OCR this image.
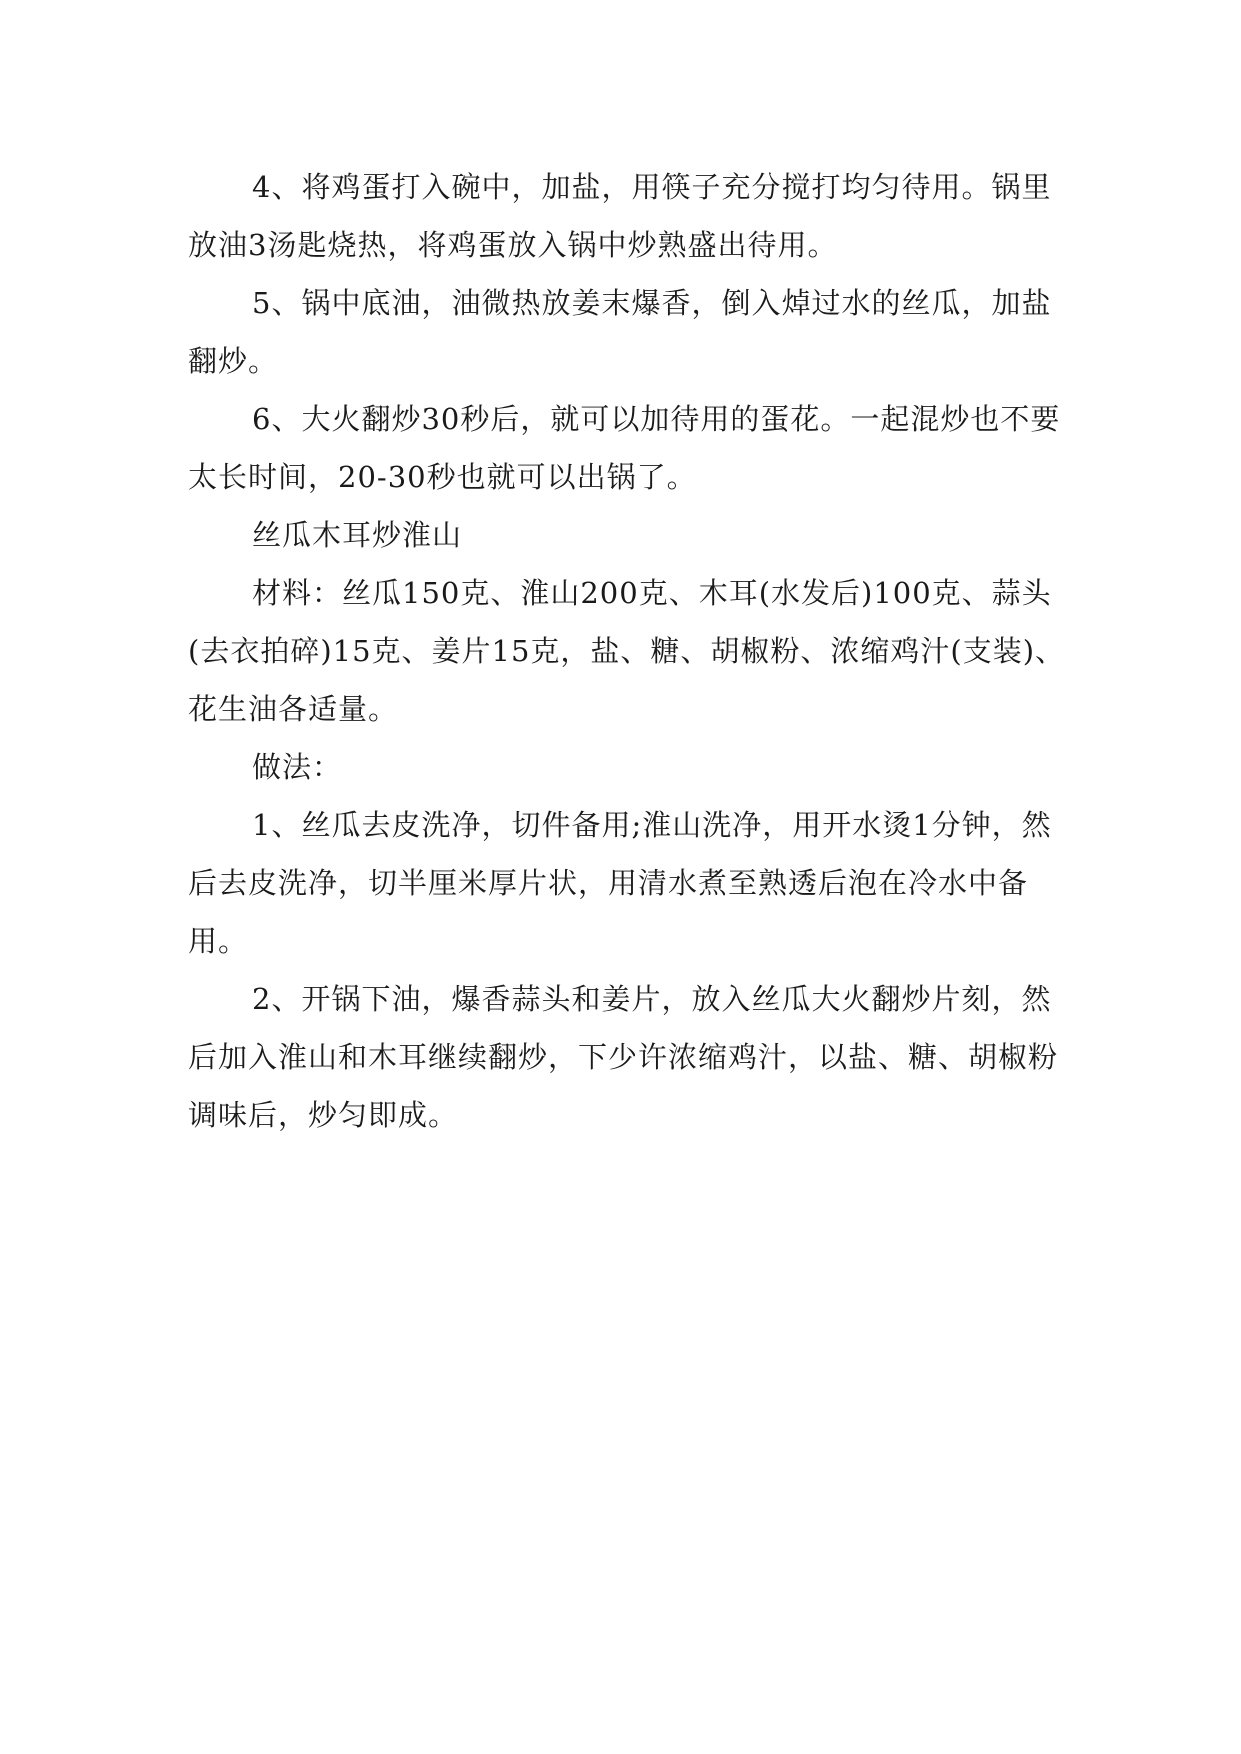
4、将鸡蛋打入碗中，加盐，用筷子充分搅打均匀待用。锅里放油3汤匙烧热，将鸡蛋放入锅中炒熟盛出待用。

5、锅中底油，油微热放姜末爆香，倒入焯过水的丝瓜，加盐翻炒。

6、大火翻炒30秒后，就可以加待用的蛋花。一起混炒也不要太长时间，20-30秒也就可以出锅了。

丝瓜木耳炒淮山

材料：丝瓜150克、淮山200克、木耳(水发后)100克、蒜头(去衣拍碎)15克、姜片15克，盐、糖、胡椒粉、浓缩鸡汁(支装)、花生油各适量。

做法：

1、丝瓜去皮洗净，切件备用;淮山洗净，用开水烫1分钟，然后去皮洗净，切半厘米厚片状，用清水煮至熟透后泡在冷水中备用。

2、开锅下油，爆香蒜头和姜片，放入丝瓜大火翻炒片刻，然后加入淮山和木耳继续翻炒，下少许浓缩鸡汁，以盐、糖、胡椒粉调味后，炒匀即成。
